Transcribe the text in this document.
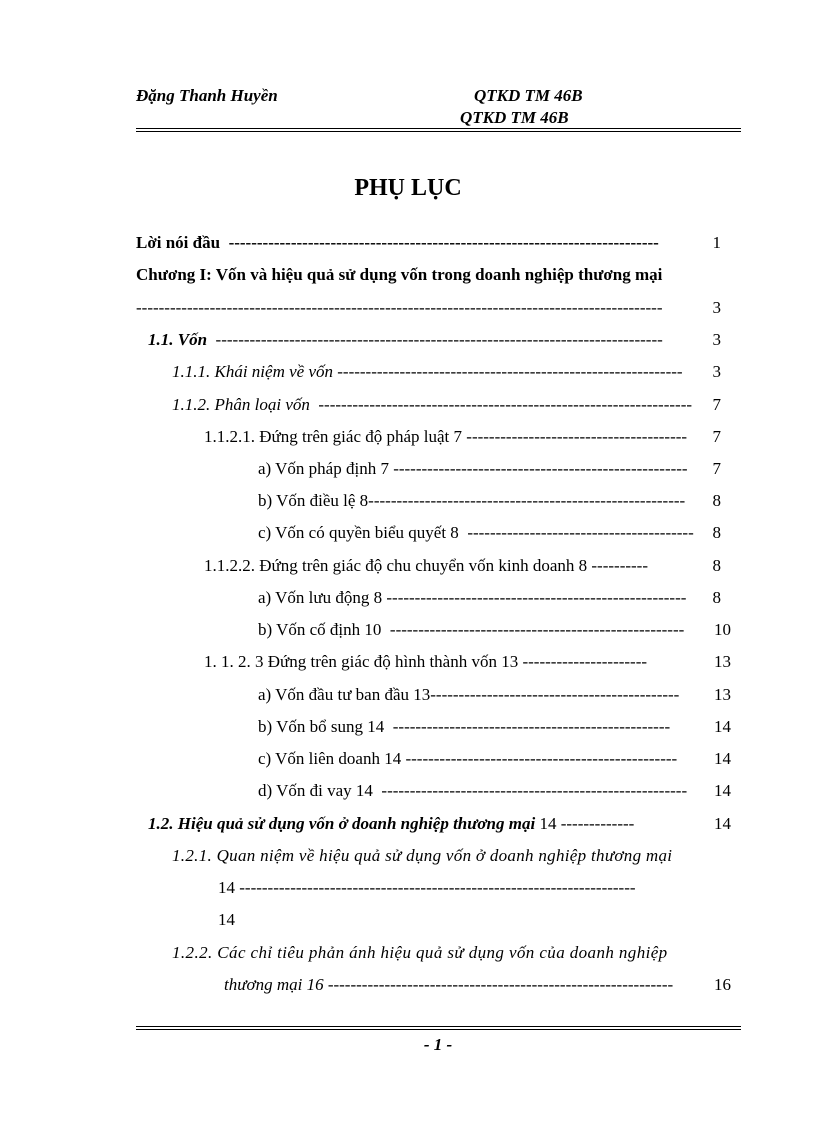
Đặng Thanh Huyền	QTKD TM 46B
QTKD TM 46B
PHỤ LỤC
Lời nói đầu ----------------------------------------------------------------------------	1
Chương I: Vốn và hiệu quả sử dụng vốn trong doanh nghiệp thương mại
---------------------------------------------------------------------------------------------	3
1.1. Vốn -------------------------------------------------------------------------------	3
1.1.1. Khái niệm về vốn -------------------------------------------------------------	3
1.1.2. Phân loại vốn ------------------------------------------------------------------	7
1.1.2.1. Đứng trên giác độ pháp luật 7 ---------------------------------------	7
a) Vốn pháp định 7 ----------------------------------------------------	7
b) Vốn điều lệ 8--------------------------------------------------------	8
c) Vốn có quyền biểu quyết 8 ----------------------------------------	8
1.1.2.2. Đứng trên giác độ chu chuyển vốn kinh doanh 8 ----------	8
a) Vốn lưu động 8 -----------------------------------------------------	8
b) Vốn cố định 10 ----------------------------------------------------	10
1. 1. 2. 3 Đứng trên giác độ hình thành vốn 13 ----------------------	13
a) Vốn đầu tư ban đầu 13--------------------------------------------	13
b) Vốn bổ sung 14 -------------------------------------------------	14
c) Vốn liên doanh 14 ------------------------------------------------	14
d) Vốn đi vay 14 ------------------------------------------------------	14
1.2. Hiệu quả sử dụng vốn ở doanh nghiệp thương mại 14 -------------	14
1.2.1. Quan niệm về hiệu quả sử dụng vốn ở doanh nghiệp thương mại
14 ----------------------------------------------------------------------
14
1.2.2. Các chỉ tiêu phản ánh hiệu quả sử dụng vốn của doanh nghiệp
thương mại 16 -------------------------------------------------------------	16
- 1 -
